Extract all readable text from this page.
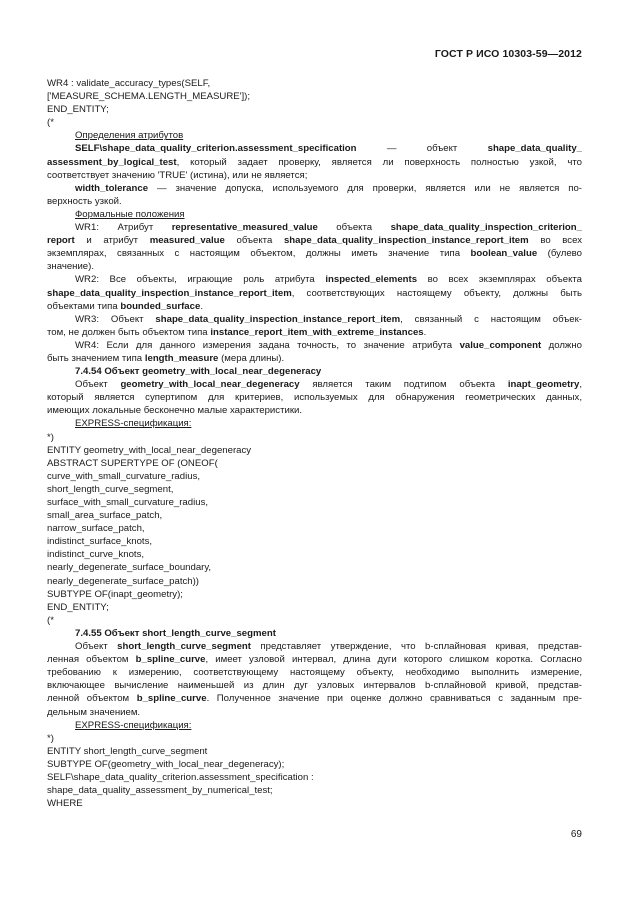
ГОСТ Р ИСО 10303-59—2012
WR4 : validate_accuracy_types(SELF,
['MEASURE_SCHEMA.LENGTH_MEASURE']);
END_ENTITY;
(*
Определения атрибутов
SELF\shape_data_quality_criterion.assessment_specification — объект shape_data_quality_
assessment_by_logical_test, который задает проверку, является ли поверхность полностью узкой, что
соответствует значению 'TRUE' (истина), или не является;
width_tolerance — значение допуска, используемого для проверки, является или не является по-
верхность узкой.
Формальные положения
WR1: Атрибут representative_measured_value объекта shape_data_quality_inspection_criterion_
report и атрибут measured_value объекта shape_data_quality_inspection_instance_report_item во всех
экземплярах, связанных с настоящим объектом, должны иметь значение типа boolean_value (булево
значение).
WR2: Все объекты, играющие роль атрибута inspected_elements во всех экземплярах объекта
shape_data_quality_inspection_instance_report_item, соответствующих настоящему объекту, должны быть
объектами типа bounded_surface.
WR3: Объект shape_data_quality_inspection_instance_report_item, связанный с настоящим объек-
том, не должен быть объектом типа instance_report_item_with_extreme_instances.
WR4: Если для данного измерения задана точность, то значение атрибута value_component должно
быть значением типа length_measure (мера длины).
7.4.54 Объект geometry_with_local_near_degeneracy
Объект geometry_with_local_near_degeneracy является таким подтипом объекта inapt_geometry,
который является супертипом для критериев, используемых для обнаружения геометрических данных,
имеющих локальные бесконечно малые характеристики.
EXPRESS-спецификация:
*)
ENTITY geometry_with_local_near_degeneracy
ABSTRACT SUPERTYPE OF (ONEOF(
curve_with_small_curvature_radius,
short_length_curve_segment,
surface_with_small_curvature_radius,
small_area_surface_patch,
narrow_surface_patch,
indistinct_surface_knots,
indistinct_curve_knots,
nearly_degenerate_surface_boundary,
nearly_degenerate_surface_patch))
SUBTYPE OF(inapt_geometry);
END_ENTITY;
(*
7.4.55 Объект short_length_curve_segment
Объект short_length_curve_segment представляет утверждение, что b-сплайновая кривая, представ-
ленная объектом b_spline_curve, имеет узловой интервал, длина дуги которого слишком коротка. Согласно
требованию к измерению, соответствующему настоящему объекту, необходимо выполнить измерение,
включающее вычисление наименьшей из длин дуг узловых интервалов b-сплайновой кривой, представ-
ленной объектом b_spline_curve. Полученное значение при оценке должно сравниваться с заданным пре-
дельным значением.
EXPRESS-спецификация:
*)
ENTITY short_length_curve_segment
SUBTYPE OF(geometry_with_local_near_degeneracy);
SELF\shape_data_quality_criterion.assessment_specification :
shape_data_quality_assessment_by_numerical_test;
WHERE
69
